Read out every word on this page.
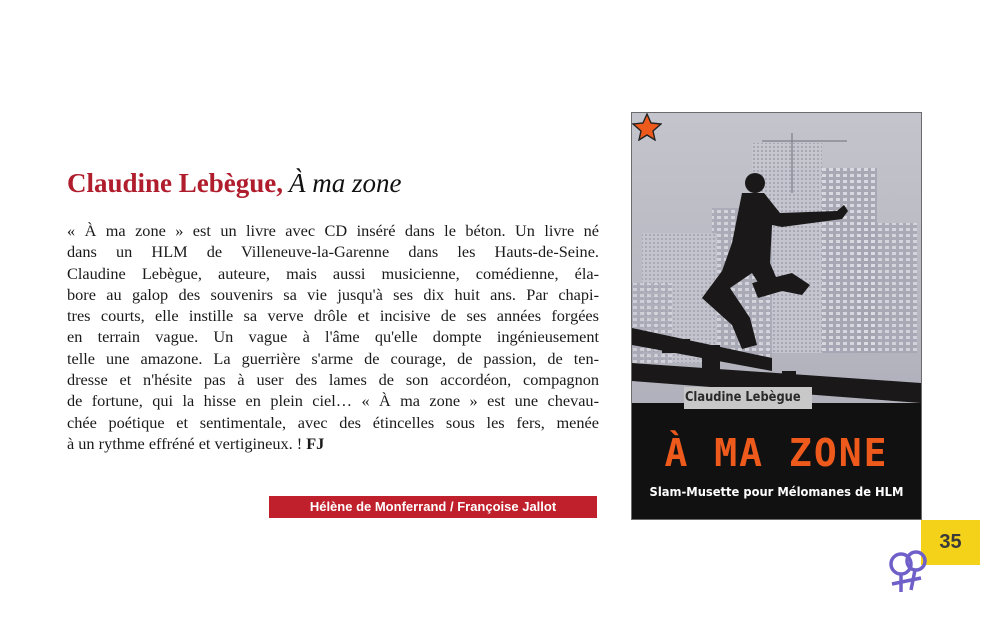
Claudine Lebègue, À ma zone
« À ma zone » est un livre avec CD inséré dans le béton. Un livre né
dans un HLM de Villeneuve-la-Garenne dans les Hauts-de-Seine.
Claudine Lebègue, auteure, mais aussi musicienne, comédienne, éla-
bore au galop des souvenirs sa vie jusqu'à ses dix huit ans. Par chapi-
tres courts, elle instille sa verve drôle et incisive de ses années forgées
en terrain vague. Un vague à l'âme qu'elle dompte ingénieusement
telle une amazone. La guerrière s'arme de courage, de passion, de ten-
dresse et n'hésite pas à user des lames de son accordéon, compagnon
de fortune, qui la hisse en plein ciel… « À ma zone » est une chevau-
chée poétique et sentimentale, avec des étincelles sous les fers, menée
à un rythme effréné et vertigineux. ! FJ
Hélène de Monferrand / Françoise Jallot
Claudine Lebègue
À MA ZONE
Slam-Musette pour Mélomanes de HLM
35
